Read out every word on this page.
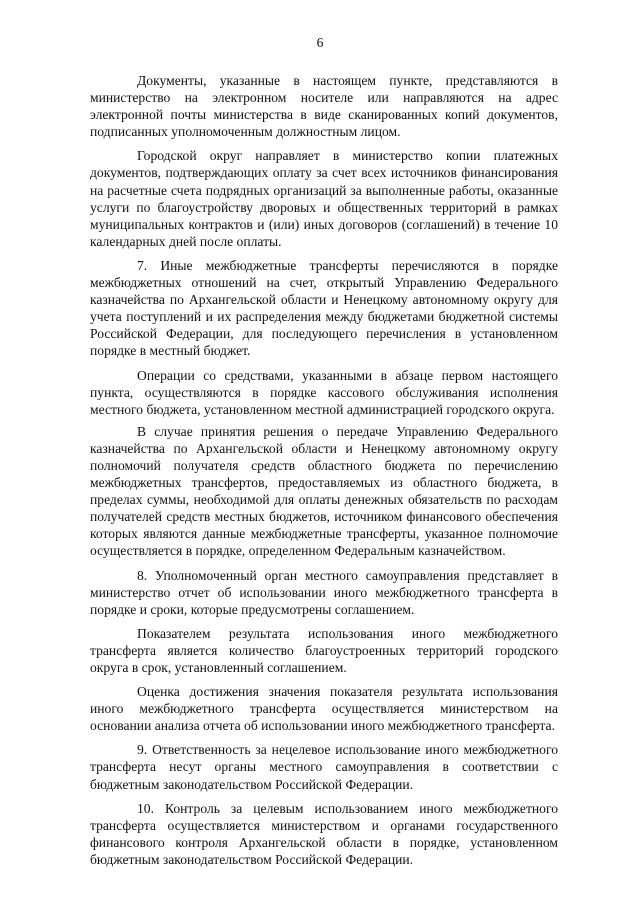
6

Документы, указанные в настоящем пункте, представляются в министерство на электронном носителе или направляются на адрес электронной почты министерства в виде сканированных копий документов, подписанных уполномоченным должностным лицом.

Городской округ направляет в министерство копии платежных документов, подтверждающих оплату за счет всех источников финансирования на расчетные счета подрядных организаций за выполненные работы, оказанные услуги по благоустройству дворовых и общественных территорий в рамках муниципальных контрактов и (или) иных договоров (соглашений) в течение 10 календарных дней после оплаты.

7. Иные межбюджетные трансферты перечисляются в порядке межбюджетных отношений на счет, открытый Управлению Федерального казначейства по Архангельской области и Ненецкому автономному округу для учета поступлений и их распределения между бюджетами бюджетной системы Российской Федерации, для последующего перечисления в установленном порядке в местный бюджет.

Операции со средствами, указанными в абзаце первом настоящего пункта, осуществляются в порядке кассового обслуживания исполнения местного бюджета, установленном местной администрацией городского округа.

В случае принятия решения о передаче Управлению Федерального казначейства по Архангельской области и Ненецкому автономному округу полномочий получателя средств областного бюджета по перечислению межбюджетных трансфертов, предоставляемых из областного бюджета, в пределах суммы, необходимой для оплаты денежных обязательств по расходам получателей средств местных бюджетов, источником финансового обеспечения которых являются данные межбюджетные трансферты, указанное полномочие осуществляется в порядке, определенном Федеральным казначейством.

8. Уполномоченный орган местного самоуправления представляет в министерство отчет об использовании иного межбюджетного трансферта в порядке и сроки, которые предусмотрены соглашением.

Показателем результата использования иного межбюджетного трансферта является количество благоустроенных территорий городского округа в срок, установленный соглашением.

Оценка достижения значения показателя результата использования иного межбюджетного трансферта осуществляется министерством на основании анализа отчета об использовании иного межбюджетного трансферта.

9. Ответственность за нецелевое использование иного межбюджетного трансферта несут органы местного самоуправления в соответствии с бюджетным законодательством Российской Федерации.

10. Контроль за целевым использованием иного межбюджетного трансферта осуществляется министерством и органами государственного финансового контроля Архангельской области в порядке, установленном бюджетным законодательством Российской Федерации.
